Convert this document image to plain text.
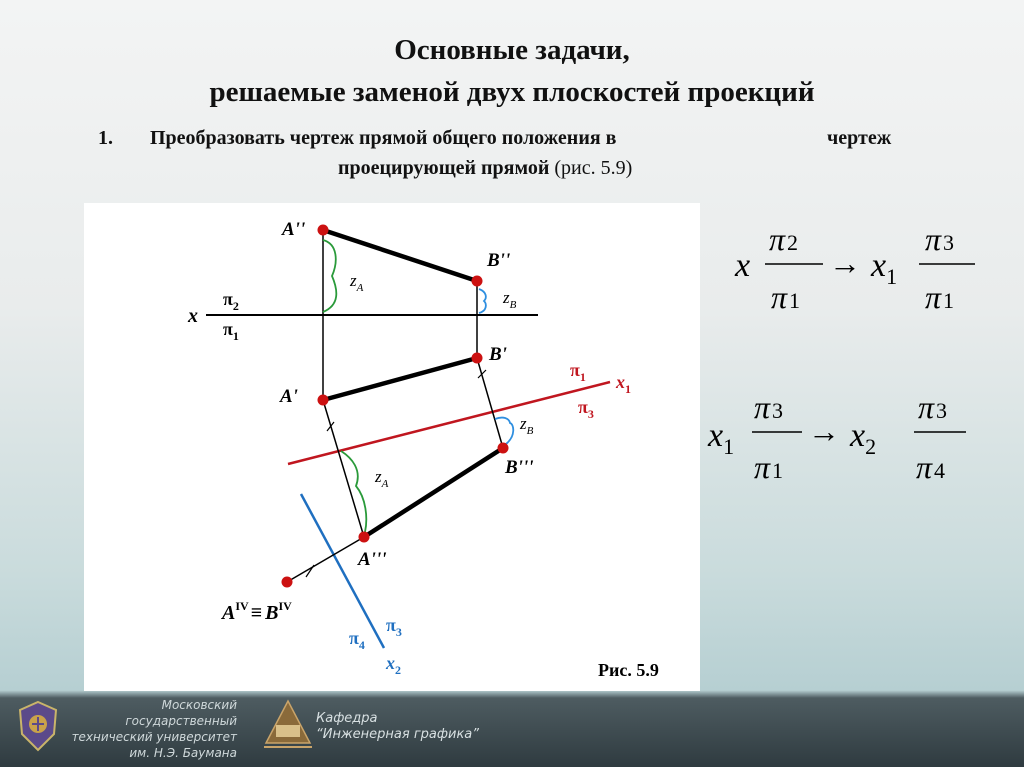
Основные задачи,
решаемые заменой двух плоскостей проекций
1. Преобразовать чертеж прямой общего положения в	чертеж
проецирующей прямой (рис. 5.9)
A''
B''
B'
A'
B'''
A'''
$A^{IV} \equiv B^{IV}$
x
$\pi_2$
$\pi_1$
$\pi_1$ $x_1$
$\pi_3$
$\pi_3$
$\pi_4$
$x_2$
$z_A$	$z_B$
$z_B$
$z_A$
Рис. 5.9
x
π2
π1
→ $x_1$
π3
π1
$x_1$
π3
π1
→ $x_2$
π3
π4
Московский государственный
технический университет
им. Н.Э. Баумана
Кафедра
“Инженерная графика”
